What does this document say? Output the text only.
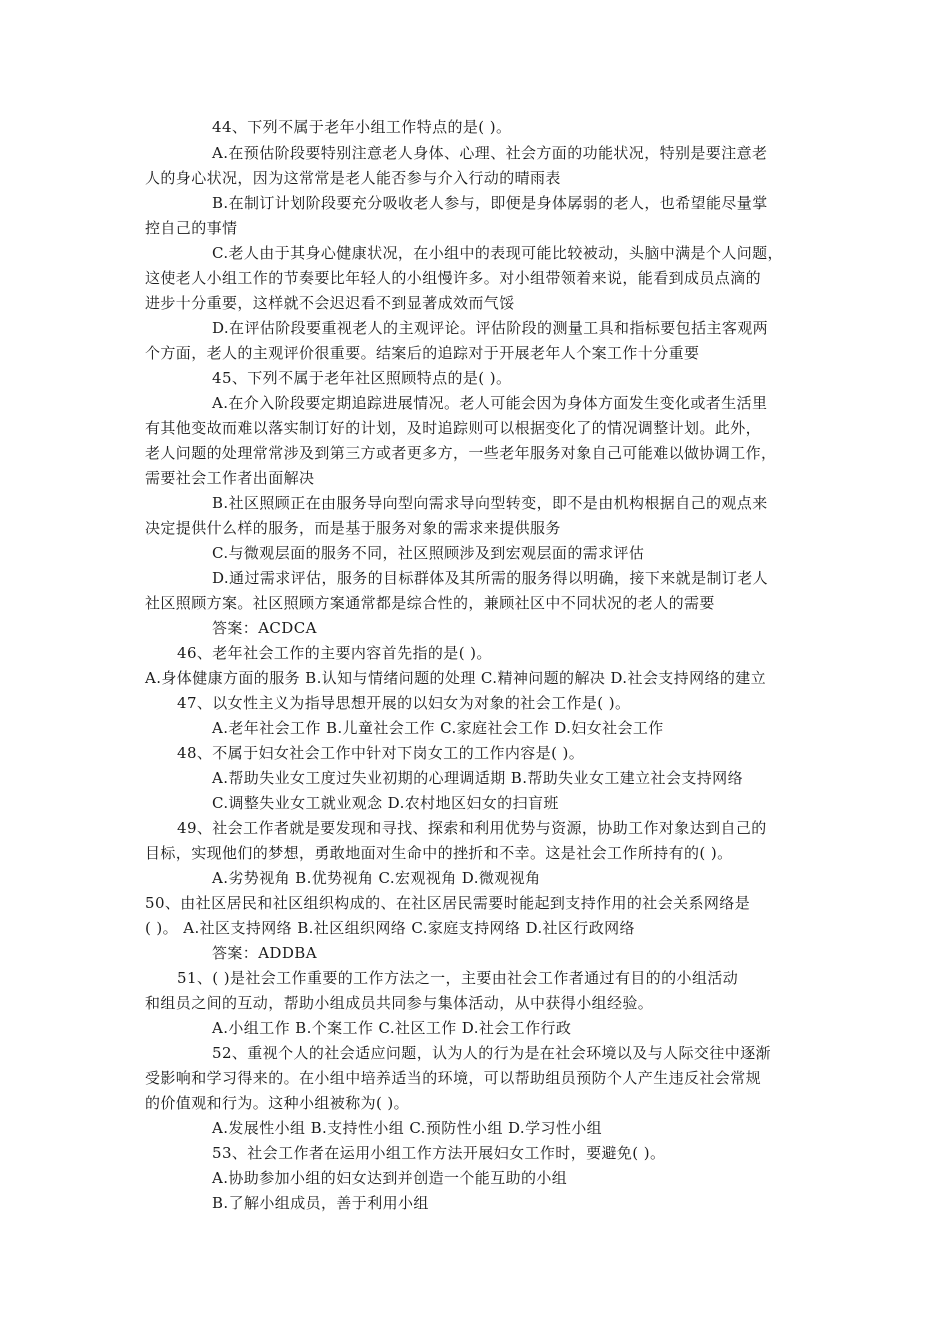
44、下列不属于老年小组工作特点的是( )。
A.在预估阶段要特别注意老人身体、心理、社会方面的功能状况，特别是要注意老
人的身心状况，因为这常常是老人能否参与介入行动的晴雨表
B.在制订计划阶段要充分吸收老人参与，即便是身体孱弱的老人，也希望能尽量掌
控自己的事情
C.老人由于其身心健康状况，在小组中的表现可能比较被动，头脑中满是个人问题，
这使老人小组工作的节奏要比年轻人的小组慢许多。对小组带领着来说，能看到成员点滴的
进步十分重要，这样就不会迟迟看不到显著成效而气馁
D.在评估阶段要重视老人的主观评论。评估阶段的测量工具和指标要包括主客观两
个方面，老人的主观评价很重要。结案后的追踪对于开展老年人个案工作十分重要
45、下列不属于老年社区照顾特点的是( )。
A.在介入阶段要定期追踪进展情况。老人可能会因为身体方面发生变化或者生活里
有其他变故而难以落实制订好的计划，及时追踪则可以根据变化了的情况调整计划。此外，
老人问题的处理常常涉及到第三方或者更多方，一些老年服务对象自己可能难以做协调工作，
需要社会工作者出面解决
B.社区照顾正在由服务导向型向需求导向型转变，即不是由机构根据自己的观点来
决定提供什么样的服务，而是基于服务对象的需求来提供服务
C.与微观层面的服务不同，社区照顾涉及到宏观层面的需求评估
D.通过需求评估，服务的目标群体及其所需的服务得以明确，接下来就是制订老人
社区照顾方案。社区照顾方案通常都是综合性的，兼顾社区中不同状况的老人的需要
答案：ACDCA
46、老年社会工作的主要内容首先指的是( )。
A.身体健康方面的服务 B.认知与情绪问题的处理 C.精神问题的解决 D.社会支持网络的建立
47、以女性主义为指导思想开展的以妇女为对象的社会工作是( )。
A.老年社会工作 B.儿童社会工作 C.家庭社会工作 D.妇女社会工作
48、不属于妇女社会工作中针对下岗女工的工作内容是( )。
A.帮助失业女工度过失业初期的心理调适期 B.帮助失业女工建立社会支持网络
C.调整失业女工就业观念 D.农村地区妇女的扫盲班
49、社会工作者就是要发现和寻找、探索和利用优势与资源，协助工作对象达到自己的
目标，实现他们的梦想，勇敢地面对生命中的挫折和不幸。这是社会工作所持有的( )。
A.劣势视角 B.优势视角 C.宏观视角 D.微观视角
50、由社区居民和社区组织构成的、在社区居民需要时能起到支持作用的社会关系网络是
( )。 A.社区支持网络 B.社区组织网络 C.家庭支持网络 D.社区行政网络
答案：ADDBA
51、( )是社会工作重要的工作方法之一，主要由社会工作者通过有目的的小组活动
和组员之间的互动，帮助小组成员共同参与集体活动，从中获得小组经验。
A.小组工作 B.个案工作 C.社区工作 D.社会工作行政
52、重视个人的社会适应问题，认为人的行为是在社会环境以及与人际交往中逐渐
受影响和学习得来的。在小组中培养适当的环境，可以帮助组员预防个人产生违反社会常规
的价值观和行为。这种小组被称为( )。
A.发展性小组 B.支持性小组 C.预防性小组 D.学习性小组
53、社会工作者在运用小组工作方法开展妇女工作时，要避免( )。
A.协助参加小组的妇女达到并创造一个能互助的小组
B.了解小组成员，善于利用小组
